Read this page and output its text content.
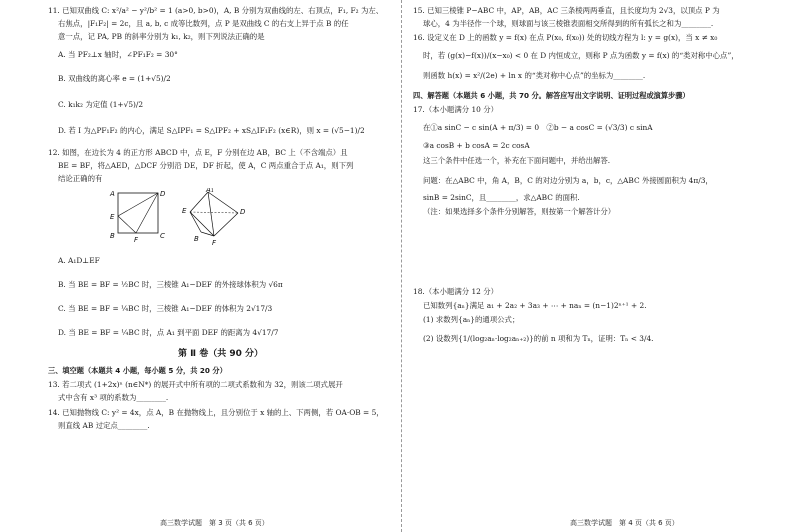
11. 已知双曲线 C: x²/a² − y²/b² = 1 (a>0, b>0)，A, B 分别为双曲线的左、右顶点，F₁, F₂ 为左、

右焦点，|F₁F₂| = 2c，且 a, b, c 成等比数列，点 P 是双曲线 C 的右支上异于点 B 的任

意一点，记 PA, PB 的斜率分别为 k₁, k₂，则下列说法正确的是

A. 当 PF₂⊥x 轴时，∠PF₁F₂ = 30°

B. 双曲线的离心率 e = (1+√5)/2

C. k₁k₂ 为定值 (1+√5)/2

D. 若 I 为△PF₁F₂ 的内心，满足 S△IPF₁ = S△IPF₂ + xS△IF₁F₂ (x∈R)，则 x = (√5−1)/2

12. 如图，在边长为 4 的正方形 ABCD 中，点 E，F 分别在边 AB，BC 上（不含端点）且

BE = BF，将△AED，△DCF 分别沿 DE，DF 折起，使 A，C 两点重合于点 A₁，则下列

结论正确的有

A	D
E
B	F	C
A₁
E	D
B F

A. A₁D⊥EF

B. 当 BE = BF = ½BC 时，三棱锥 A₁−DEF 的外接球体积为 √6π

C. 当 BE = BF = ¼BC 时，三棱锥 A₁−DEF 的体积为 2√17/3

D. 当 BE = BF = ¼BC 时，点 A₁ 到平面 DEF 的距离为 4√17/7

第 Ⅱ 卷（共 90 分）

三、填空题（本题共 4 小题，每小题 5 分，共 20 分）

13. 若二项式 (1+2x)ⁿ (n∈N*) 的展开式中所有项的二项式系数和为 32，则该二项式展开

式中含有 x³ 项的系数为________.

14. 已知抛物线 C: y² = 4x，点 A，B 在抛物线上，且分别位于 x 轴的上、下两侧，若 OA·OB = 5，

则直线 AB 过定点________.

15. 已知三棱锥 P−ABC 中，AP，AB，AC 三条棱两两垂直，且长度均为 2√3，以顶点 P 为

球心，4 为半径作一个球，则球面与该三棱锥表面相交所得到的所有弧长之和为________.

16. 设定义在 D 上的函数 y = f(x) 在点 P(x₀, f(x₀)) 处的切线方程为 l: y = g(x)，当 x ≠ x₀

时，若 (g(x)−f(x))/(x−x₀) < 0 在 D 内恒成立，则称 P 点为函数 y = f(x) 的“类对称中心点”，

则函数 h(x) = x²/(2e) + ln x 的“类对称中心点”的坐标为________.

四、解答题（本题共 6 小题，共 70 分。解答应写出文字说明、证明过程或演算步骤）

17.（本小题满分 10 分）

在①a sinC − c sin(A + π/3) = 0　②b − a cosC = (√3/3) c sinA

③a cosB + b cosA = 2c cosA

这三个条件中任选一个，补充在下面问题中，并给出解答.

问题：在△ABC 中，角 A，B，C 的对边分别为 a，b，c，△ABC 外接圆面积为 4π/3，

sinB = 2sinC，且________，求△ABC 的面积.

（注：如果选择多个条件分别解答，则按第一个解答计分）

18.（本小题满分 12 分）

已知数列{aₙ}满足 a₁ + 2a₂ + 3a₃ + ⋯ + naₙ = (n−1)2ⁿ⁺¹ + 2.

(1) 求数列{aₙ}的通项公式；

(2) 设数列{1/(log₂aₙ·log₂aₙ₊₂)}的前 n 项和为 Tₙ，证明：Tₙ < 3/4.

高三数学试题　第 3 页（共 6 页）	高三数学试题　第 4 页（共 6 页）
